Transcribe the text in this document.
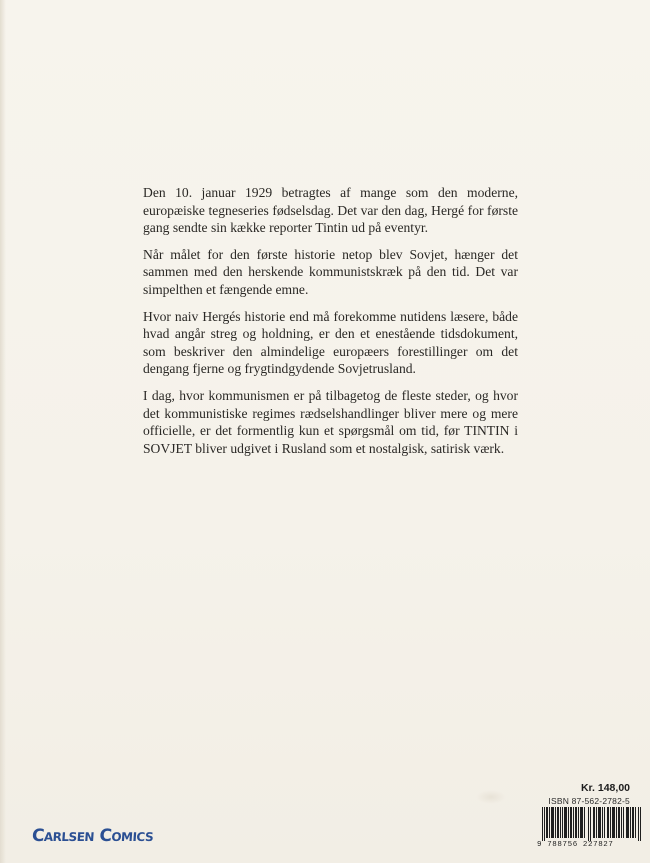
Den 10. januar 1929 betragtes af mange som den moderne, europæiske tegneseries fødselsdag. Det var den dag, Hergé for første gang sendte sin kække reporter Tintin ud på eventyr.

Når målet for den første historie netop blev Sovjet, hænger det sammen med den herskende kommunistskræk på den tid. Det var simpelthen et fængende emne.

Hvor naiv Hergés historie end må forekomme nutidens læsere, både hvad angår streg og holdning, er den et enestående tidsdokument, som beskriver den almindelige europæers forestillinger om det dengang fjerne og frygtindgydende Sovjetrusland.

I dag, hvor kommunismen er på tilbagetog de fleste steder, og hvor det kommunistiske regimes rædselshandlinger bliver mere og mere officielle, er det formentlig kun et spørgsmål om tid, før TINTIN i SOVJET bliver udgivet i Rusland som et nostalgisk, satirisk værk.

Kr. 148,00
ISBN 87-562-2782-5
9 788756 227827
Carlsen Comics
